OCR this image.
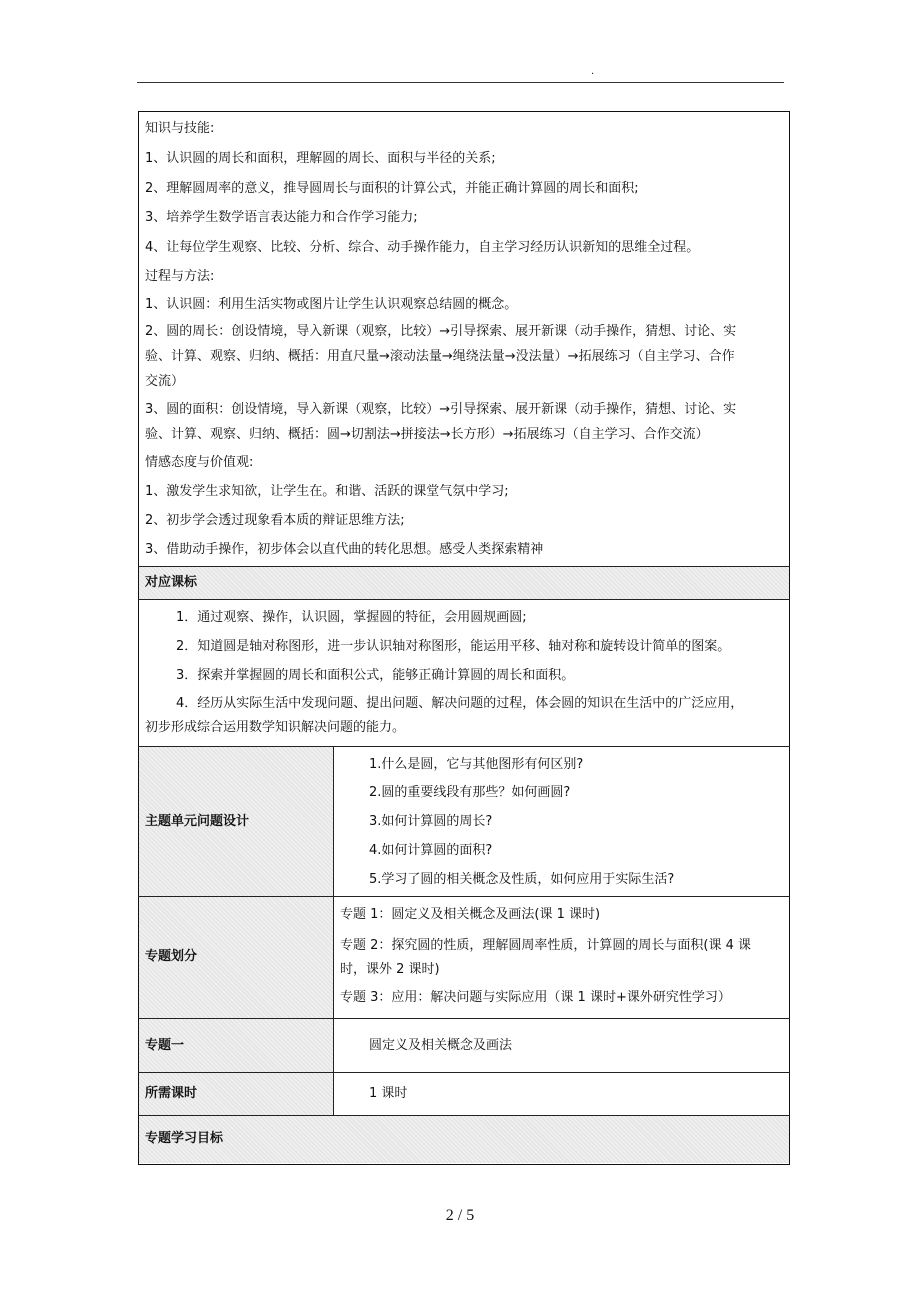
.

知识与技能:

1、认识圆的周长和面积，理解圆的周长、面积与半径的关系;

2、理解圆周率的意义，推导圆周长与面积的计算公式，并能正确计算圆的周长和面积;

3、培养学生数学语言表达能力和合作学习能力;

4、让每位学生观察、比较、分析、综合、动手操作能力，自主学习经历认识新知的思维全过程。

过程与方法:

1、认识圆：利用生活实物或图片让学生认识观察总结圆的概念。

2、圆的周长：创设情境，导入新课（观察，比较）→引导探索、展开新课（动手操作，猜想、讨论、实

验、计算、观察、归纳、概括：用直尺量→滚动法量→绳绕法量→没法量）→拓展练习（自主学习、合作

交流）

3、圆的面积：创设情境，导入新课（观察，比较）→引导探索、展开新课（动手操作，猜想、讨论、实

验、计算、观察、归纳、概括：圆→切割法→拼接法→长方形）→拓展练习（自主学习、合作交流）

情感态度与价值观:

1、激发学生求知欲，让学生在。和谐、活跃的课堂气氛中学习;

2、初步学会透过现象看本质的辩证思维方法;

3、借助动手操作，初步体会以直代曲的转化思想。感受人类探索精神

对应课标

1．通过观察、操作，认识圆，掌握圆的特征，会用圆规画圆;

2．知道圆是轴对称图形，进一步认识轴对称图形，能运用平移、轴对称和旋转设计简单的图案。

3．探索并掌握圆的周长和面积公式，能够正确计算圆的周长和面积。

4．经历从实际生活中发现问题、提出问题、解决问题的过程，体会圆的知识在生活中的广泛应用，

初步形成综合运用数学知识解决问题的能力。

主题单元问题设计

1.什么是圆，它与其他图形有何区别?

2.圆的重要线段有那些？如何画圆?

3.如何计算圆的周长?

4.如何计算圆的面积?

5.学习了圆的相关概念及性质，如何应用于实际生活?

专题划分

专题 1：圆定义及相关概念及画法(课 1 课时)

专题 2：探究圆的性质，理解圆周率性质，计算圆的周长与面积(课 4 课

时，课外 2 课时)

专题 3：应用：解决问题与实际应用（课 1 课时+课外研究性学习）

专题一	圆定义及相关概念及画法

所需课时	1 课时

专题学习目标

2 / 5
